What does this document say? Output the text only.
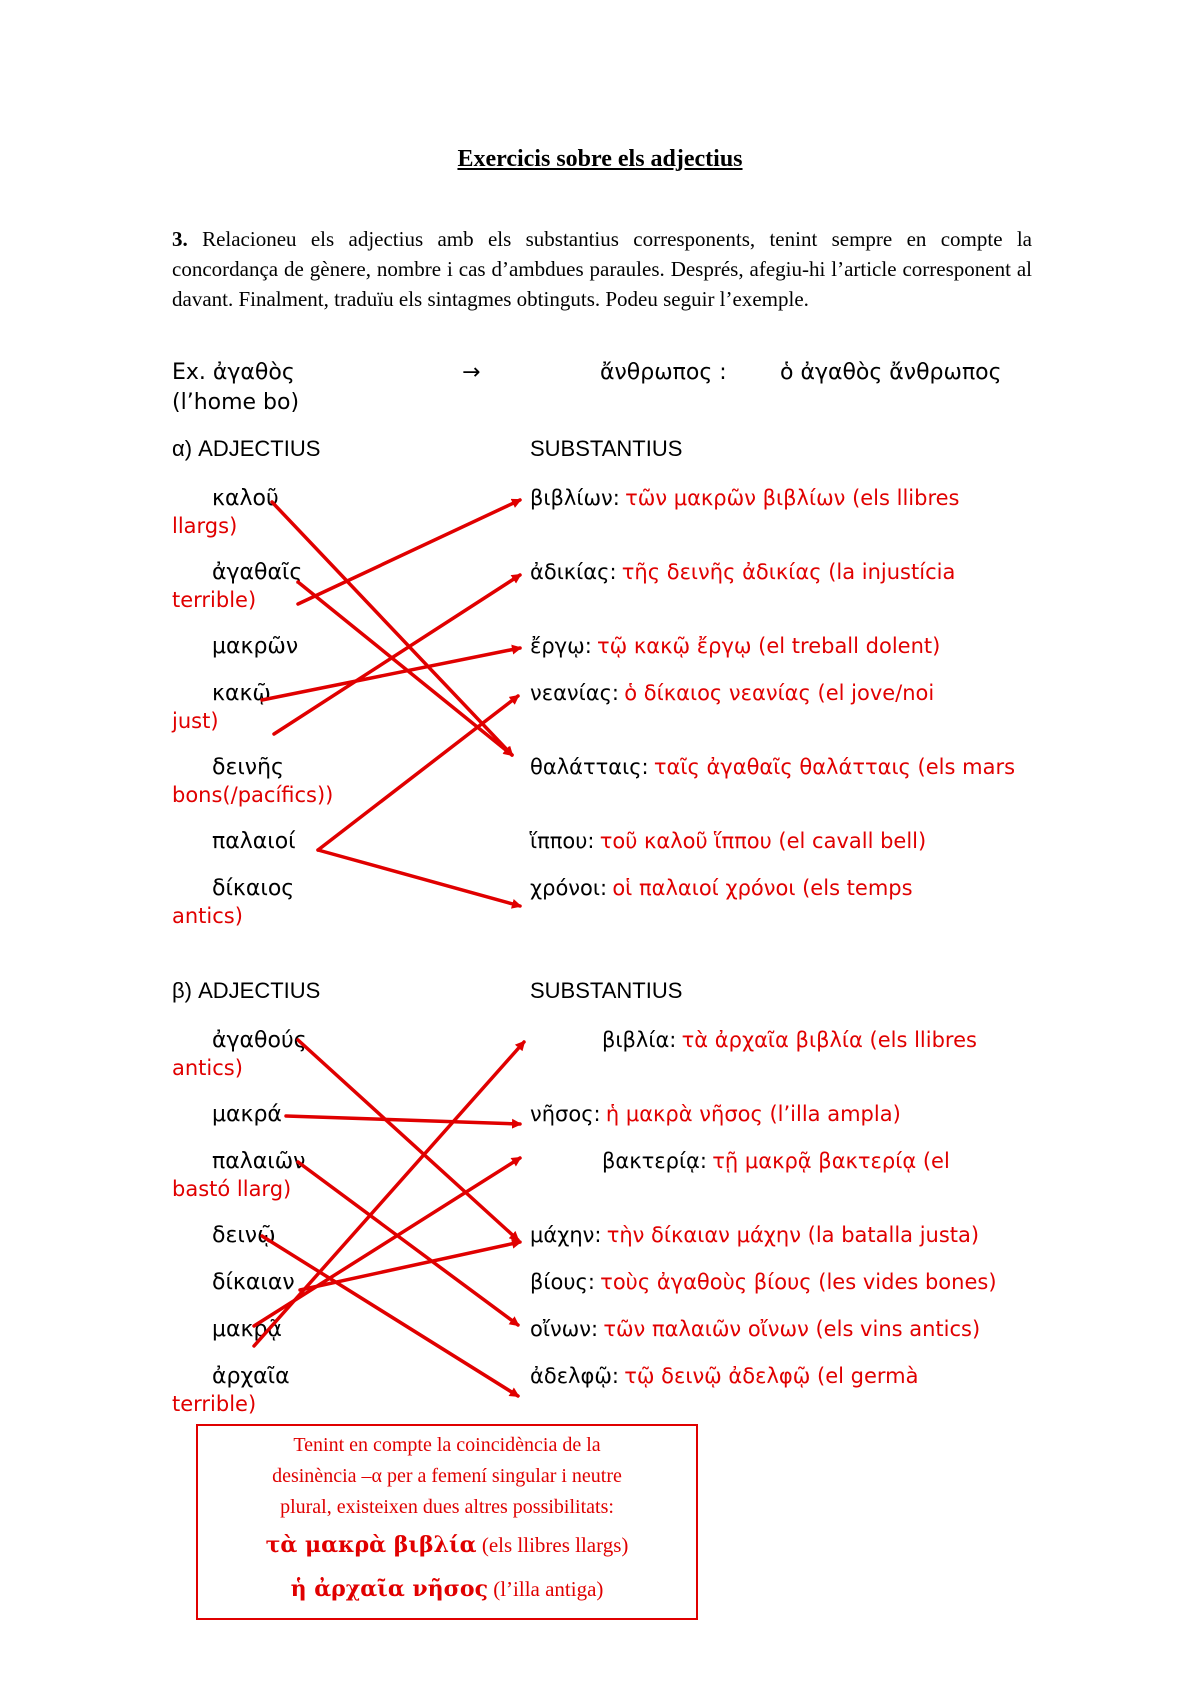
Exercicis sobre els adjectius
3. Relacioneu els adjectius amb els substantius corresponents, tenint sempre en compte la concordança de gènere, nombre i cas d’ambdues paraules. Després, afegiu-hi l’article corresponent al davant. Finalment, traduïu els sintagmes obtinguts. Podeu seguir l’exemple.
Ex. ἀγαθὸς	→	ἄνθρωπος : ὁ ἀγαθὸς ἄνθρωπος
(l’home bo)
α) ADJECTIUS	SUBSTANTIUS
καλοῦ
ἀγαθαῖς
μακρῶν
κακῷ
δεινῆς
παλαιοί
δίκαιος
βιβλίων: τῶν μακρῶν βιβλίων (els llibres
llargs)
ἀδικίας: τῆς δεινῆς ἀδικίας (la injustícia
terrible)
ἔργῳ: τῷ κακῷ ἔργῳ (el treball dolent)
νεανίας: ὁ δίκαιος νεανίας (el jove/noi
just)
θαλάτταις: ταῖς ἀγαθαῖς θαλάτταις (els mars
bons(/pacífics))
ἵππου: τοῦ καλοῦ ἵππου (el cavall bell)
χρόνοι: οἱ παλαιοί χρόνοι (els temps
antics)
β) ADJECTIUS	SUBSTANTIUS
ἀγαθούς
μακρά
παλαιῶν
δεινῷ
δίκαιαν
μακρᾷ
ἀρχαῖα
βιβλία: τὰ ἀρχαῖα βιβλία (els llibres
antics)
νῆσος: ἡ μακρὰ νῆσος (l’illa ampla)
βακτερίᾳ: τῇ μακρᾷ βακτερίᾳ (el
bastó llarg)
μάχην: τὴν δίκαιαν μάχην (la batalla justa)
βίους: τοὺς ἀγαθοὺς βίους (les vides bones)
οἴνων: τῶν παλαιῶν οἴνων (els vins antics)
ἀδελφῷ: τῷ δεινῷ ἀδελφῷ (el germà
terrible)
Tenint en compte la coincidència de la
desinència –α per a femení singular i neutre
plural, existeixen dues altres possibilitats:
τὰ μακρὰ βιβλία (els llibres llargs)
ἡ ἀρχαῖα νῆσος (l’illa antiga)
